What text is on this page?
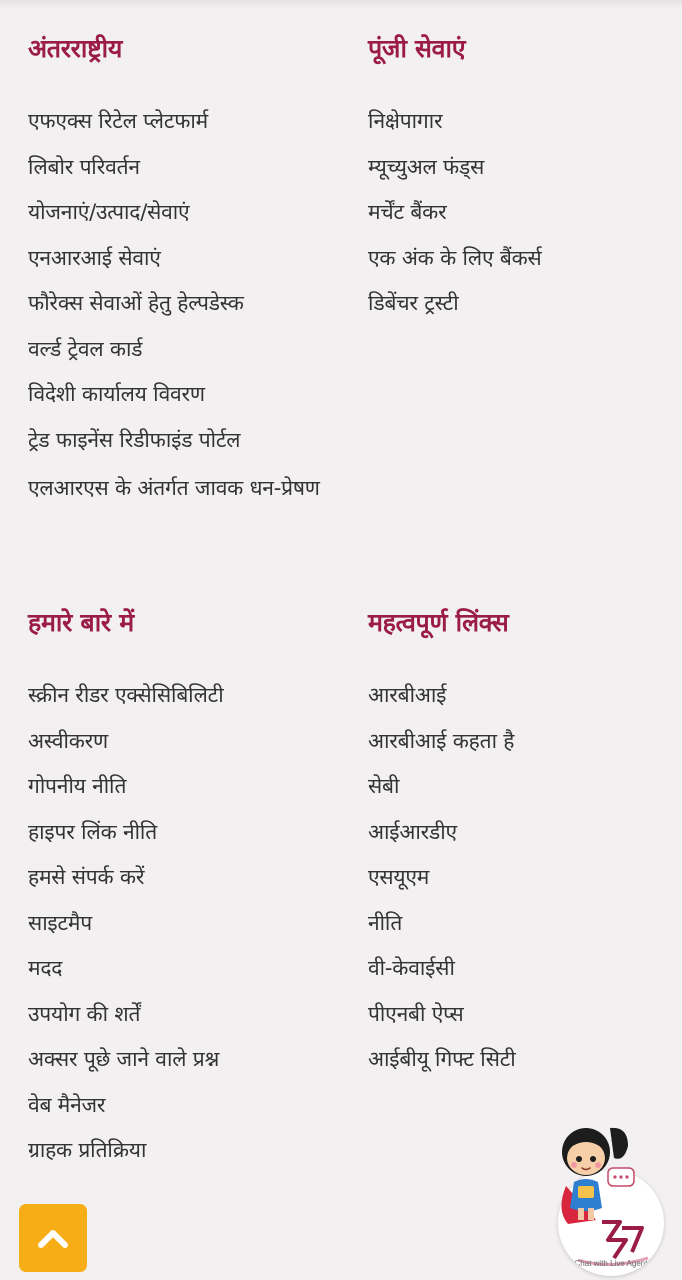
अंतरराष्ट्रीय
एफएक्स रिटेल प्लेटफार्म
लिबोर परिवर्तन
योजनाएं/उत्पाद/सेवाएं
एनआरआई सेवाएं
फौरेक्स सेवाओं हेतु हेल्पडेस्क
वर्ल्ड ट्रेवल कार्ड
विदेशी कार्यालय विवरण
ट्रेड फाइनेंस रिडीफाइंड पोर्टल
एलआरएस के अंतर्गत जावक धन-प्रेषण
पूंजी सेवाएं
निक्षेपागार
म्यूच्युअल फंड्स
मर्चेंट बैंकर
एक अंक के लिए बैंकर्स
डिबेंचर ट्रस्टी
हमारे बारे में
स्क्रीन रीडर एक्सेसिबिलिटी
अस्वीकरण
गोपनीय नीति
हाइपर लिंक नीति
हमसे संपर्क करें
साइटमैप
मदद
उपयोग की शर्तें
अक्सर पूछे जाने वाले प्रश्न
वेब मैनेजर
ग्राहक प्रतिक्रिया
महत्वपूर्ण लिंक्स
आरबीआई
आरबीआई कहता है
सेबी
आईआरडीए
एसयूएम
नीति
वी-केवाईसी
पीएनबी ऐप्स
आईबीयू गिफ्ट सिटी
Chat with Live Agent
